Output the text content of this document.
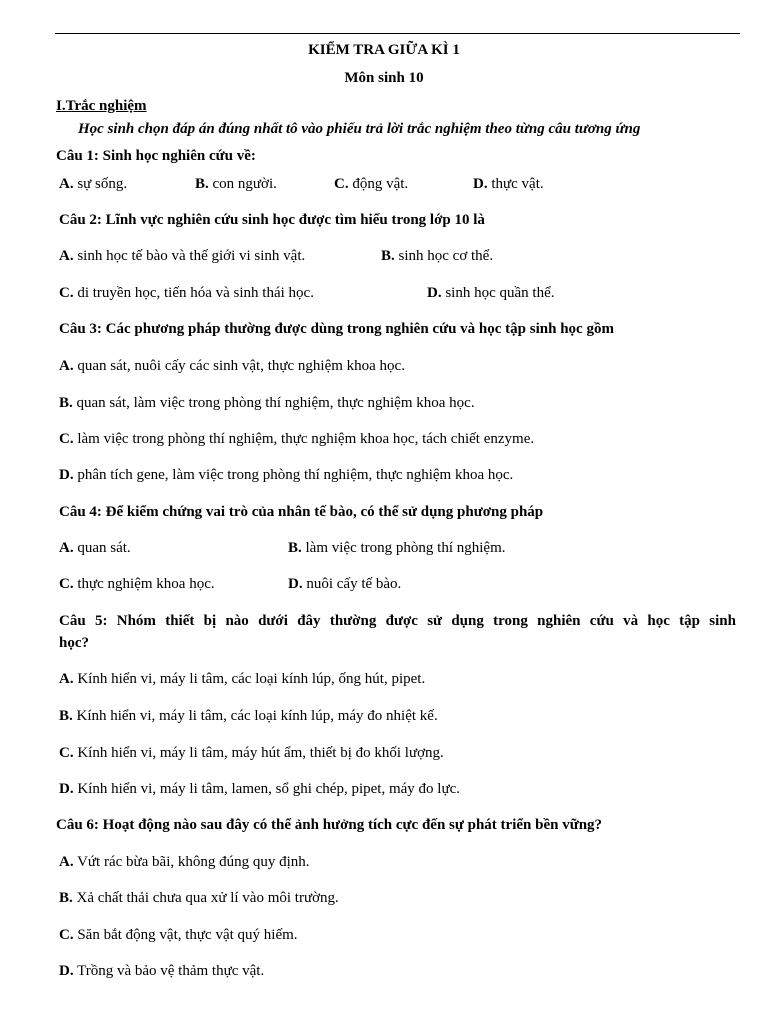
KIỂM TRA GIỮA KÌ 1
Môn sinh 10
I.Trắc nghiệm
Học sinh chọn đáp án đúng nhất tô vào phiếu trả lời trắc nghiệm theo từng câu tương ứng
Câu 1: Sinh học nghiên cứu về:
A. sự sống.	B. con người.	C. động vật.	D. thực vật.
Câu 2: Lĩnh vực nghiên cứu sinh học được tìm hiểu trong lớp 10 là
A. sinh học tế bào và thế giới vi sinh vật.	B. sinh học cơ thể.
C. di truyền học, tiến hóa và sinh thái học.	D. sinh học quần thể.
Câu 3: Các phương pháp thường được dùng trong nghiên cứu và học tập sinh học gồm
A. quan sát, nuôi cấy các sinh vật, thực nghiệm khoa học.
B. quan sát, làm việc trong phòng thí nghiệm, thực nghiệm khoa học.
C. làm việc trong phòng thí nghiệm, thực nghiệm khoa học, tách chiết enzyme.
D. phân tích gene, làm việc trong phòng thí nghiệm, thực nghiệm khoa học.
Câu 4: Để kiểm chứng vai trò của nhân tế bào, có thể sử dụng phương pháp
A. quan sát.	B. làm việc trong phòng thí nghiệm.
C. thực nghiệm khoa học.	D. nuôi cấy tế bào.
Câu 5: Nhóm thiết bị nào dưới đây thường được sử dụng trong nghiên cứu và học tập sinh
học?
A. Kính hiển vi, máy li tâm, các loại kính lúp, ống hút, pipet.
B. Kính hiển vi, máy li tâm, các loại kính lúp, máy đo nhiệt kế.
C. Kính hiển vi, máy li tâm, máy hút ẩm, thiết bị đo khối lượng.
D. Kính hiển vi, máy li tâm, lamen, sổ ghi chép, pipet, máy đo lực.
Câu 6: Hoạt động nào sau đây có thể ảnh hưởng tích cực đến sự phát triển bền vững?
A. Vứt rác bừa bãi, không đúng quy định.
B. Xả chất thải chưa qua xử lí vào môi trường.
C. Săn bắt động vật, thực vật quý hiếm.
D. Trồng và bảo vệ thảm thực vật.
